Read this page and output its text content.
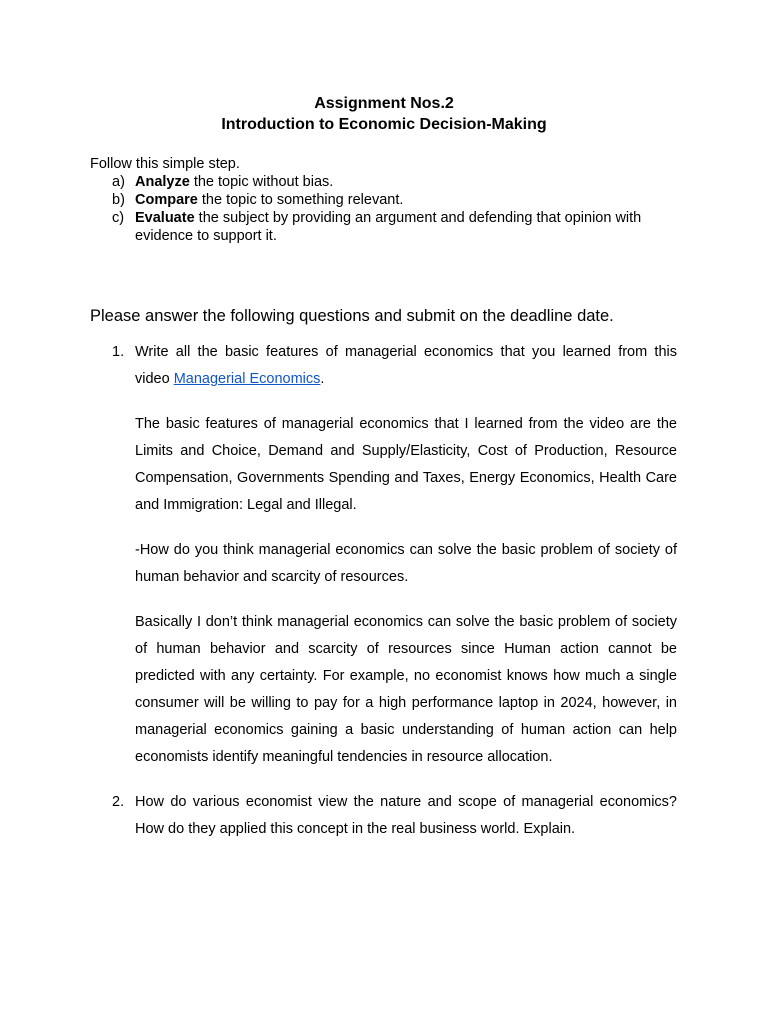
Assignment Nos.2
Introduction to Economic Decision-Making
Follow this simple step.
a) Analyze the topic without bias.
b) Compare the topic to something relevant.
c) Evaluate the subject by providing an argument and defending that opinion with evidence to support it.
Please answer the following questions and submit on the deadline date.
1. Write all the basic features of managerial economics that you learned from this video Managerial Economics.

The basic features of managerial economics that I learned from the video are the Limits and Choice, Demand and Supply/Elasticity, Cost of Production, Resource Compensation, Governments Spending and Taxes, Energy Economics, Health Care and Immigration: Legal and Illegal.

-How do you think managerial economics can solve the basic problem of society of human behavior and scarcity of resources.

Basically I don’t think managerial economics can solve the basic problem of society of human behavior and scarcity of resources since Human action cannot be predicted with any certainty. For example, no economist knows how much a single consumer will be willing to pay for a high performance laptop in 2024, however, in managerial economics gaining a basic understanding of human action can help economists identify meaningful tendencies in resource allocation.

2. How do various economist view the nature and scope of managerial economics? How do they applied this concept in the real business world. Explain.
